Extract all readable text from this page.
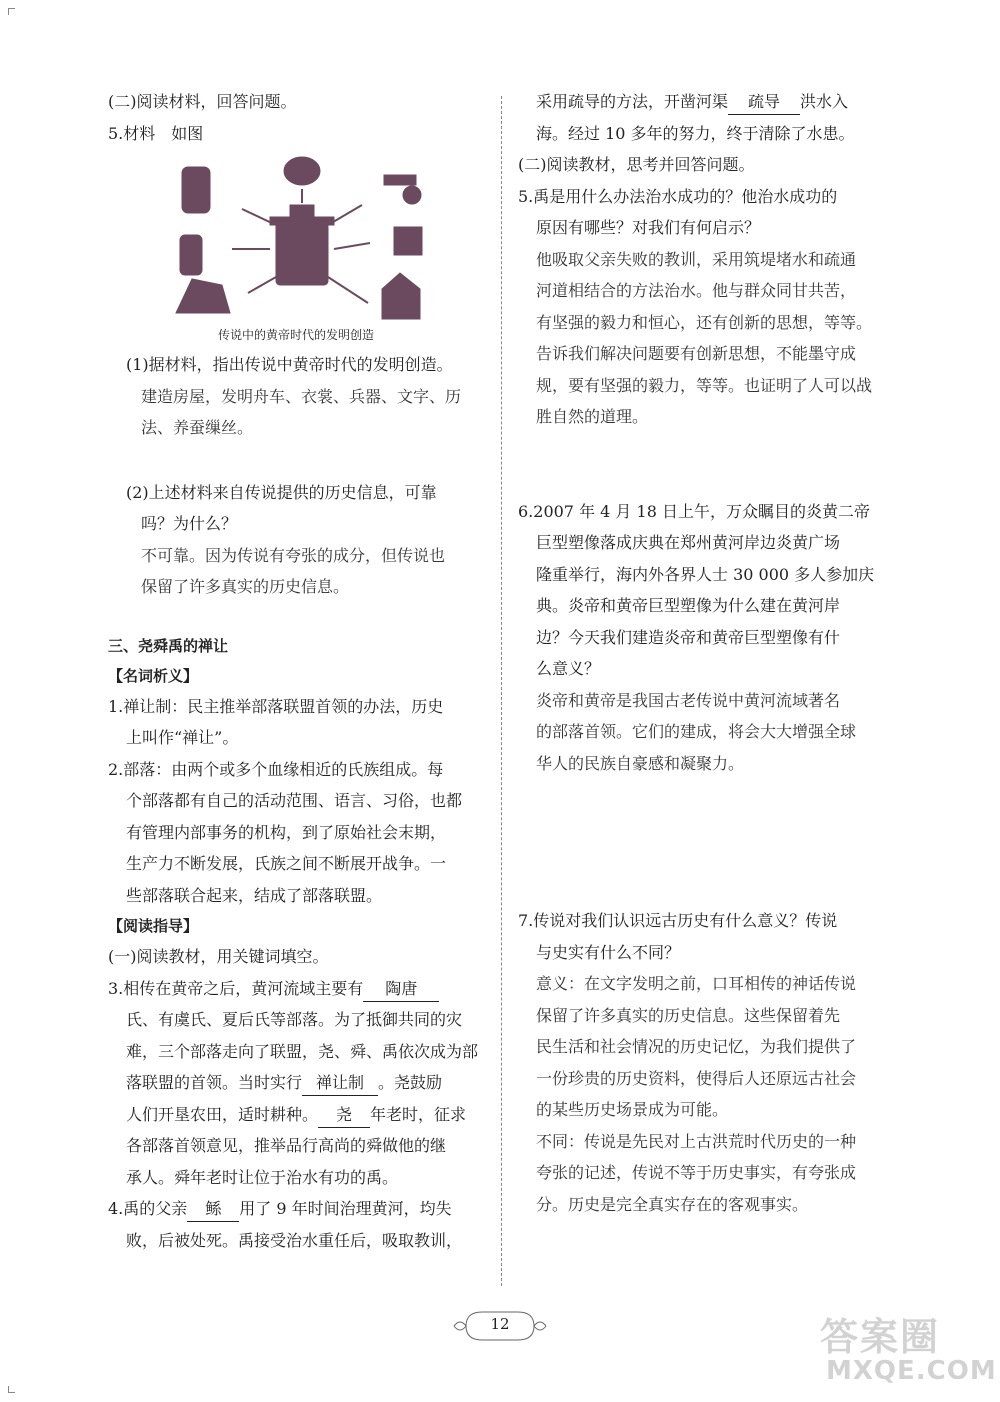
(二)阅读材料，回答问题。

5.材料　如图

传说中的黄帝时代的发明创造

(1)据材料，指出传说中黄帝时代的发明创造。

建造房屋，发明舟车、衣裳、兵器、文字、历

法、养蚕缫丝。

(2)上述材料来自传说提供的历史信息，可靠

吗？为什么？

不可靠。因为传说有夸张的成分，但传说也

保留了许多真实的历史信息。

三、尧舜禹的禅让

【名词析义】

1.禅让制：民主推举部落联盟首领的办法，历史

上叫作“禅让”。

2.部落：由两个或多个血缘相近的氏族组成。每

个部落都有自己的活动范围、语言、习俗，也都

有管理内部事务的机构，到了原始社会末期，

生产力不断发展，氏族之间不断展开战争。一

些部落联合起来，结成了部落联盟。

【阅读指导】

(一)阅读教材，用关键词填空。

3.相传在黄帝之后，黄河流域主要有 陶唐

氏、有虞氏、夏后氏等部落。为了抵御共同的灾

难，三个部落走向了联盟，尧、舜、禹依次成为部

落联盟的首领。当时实行 禅让制 。尧鼓励

人们开垦农田，适时耕种。 尧 年老时，征求

各部落首领意见，推举品行高尚的舜做他的继

承人。舜年老时让位于治水有功的禹。

4.禹的父亲 鲧 用了 9 年时间治理黄河，均失

败，后被处死。禹接受治水重任后，吸取教训，

采用疏导的方法，开凿河渠 疏导 洪水入

海。经过 10 多年的努力，终于清除了水患。

(二)阅读教材，思考并回答问题。

5.禹是用什么办法治水成功的？他治水成功的

原因有哪些？对我们有何启示？

他吸取父亲失败的教训，采用筑堤堵水和疏通

河道相结合的方法治水。他与群众同甘共苦，

有坚强的毅力和恒心，还有创新的思想，等等。

告诉我们解决问题要有创新思想，不能墨守成

规，要有坚强的毅力，等等。也证明了人可以战

胜自然的道理。

6.2007 年 4 月 18 日上午，万众瞩目的炎黄二帝

巨型塑像落成庆典在郑州黄河岸边炎黄广场

隆重举行，海内外各界人士 30 000 多人参加庆

典。炎帝和黄帝巨型塑像为什么建在黄河岸

边？今天我们建造炎帝和黄帝巨型塑像有什

么意义？

炎帝和黄帝是我国古老传说中黄河流域著名

的部落首领。它们的建成，将会大大增强全球

华人的民族自豪感和凝聚力。

7.传说对我们认识远古历史有什么意义？传说

与史实有什么不同？

意义：在文字发明之前，口耳相传的神话传说

保留了许多真实的历史信息。这些保留着先

民生活和社会情况的历史记忆，为我们提供了

一份珍贵的历史资料，使得后人还原远古社会

的某些历史场景成为可能。

不同：传说是先民对上古洪荒时代历史的一种

夸张的记述，传说不等于历史事实，有夸张成

分。历史是完全真实存在的客观事实。

12	答案圈
MXQE.COM
